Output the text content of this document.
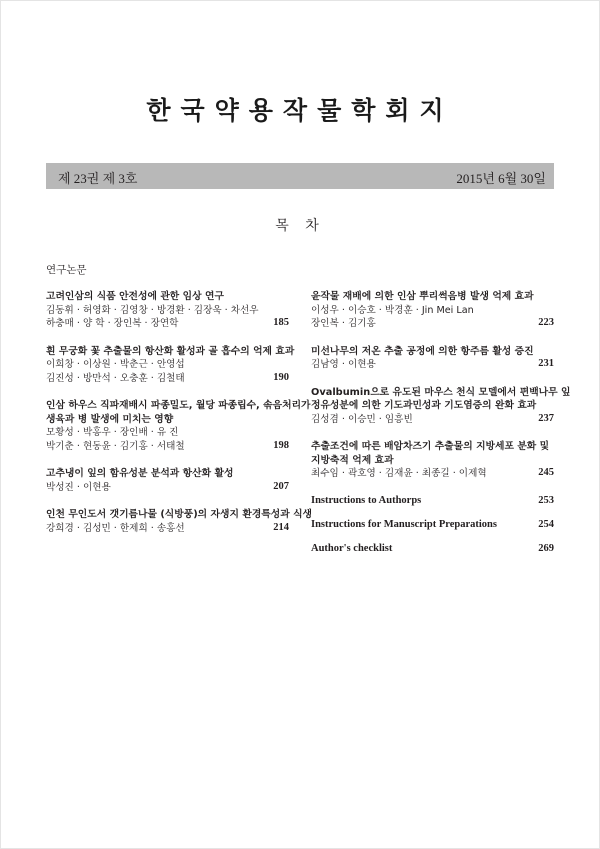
한국약용작물학회지
제 23권 제 3호	2015년 6월 30일
목 차
연구논문
고려인삼의 식품 안전성에 관한 임상 연구
김동휘 · 허영화 · 김영창 · 방경환 · 김장욱 · 차선우
하충매 · 양 학 · 장인복 · 장연학	185
흰 무궁화 꽃 추출물의 항산화 활성과 골 흡수의 억제 효과
이희창 · 이상원 · 박춘근 · 안영섭
김진성 · 방만석 · 오충훈 · 김철태	190
인삼 하우스 직파재배시 파종밀도, 월당 파종립수, 솎음처리가
생육과 병 발생에 미치는 영향
모황성 · 박홍우 · 장인배 · 유 진
박기춘 · 현동윤 · 김기홍 · 서태철	198
고추냉이 잎의 함유성분 분석과 항산화 활성
박성진 · 이현용	207
인천 무인도서 갯기름나물 (식방풍)의 자생지 환경특성과 식생
강희경 · 김성민 · 한제희 · 송홍선	214
윤작물 재배에 의한 인삼 뿌리썩음병 발생 억제 효과
이성우 · 이승호 · 박경훈 · Jin Mei Lan
장인복 · 김기홍	223
미선나무의 저온 추출 공정에 의한 항주름 활성 증진
김남영 · 이현용	231
Ovalbumin으로 유도된 마우스 천식 모델에서 편백나무 잎
정유성분에 의한 기도과민성과 기도염증의 완화 효과
김성겸 · 이승민 · 임흥빈	237
추출조건에 따른 배암차즈기 추출물의 지방세포 분화 및
지방축적 억제 효과
최수임 · 곽호영 · 김재윤 · 최종길 · 이제혁	245
Instructions to Authorps	253
Instructions for Manuscript Preparations	254
Author's checklist	269
